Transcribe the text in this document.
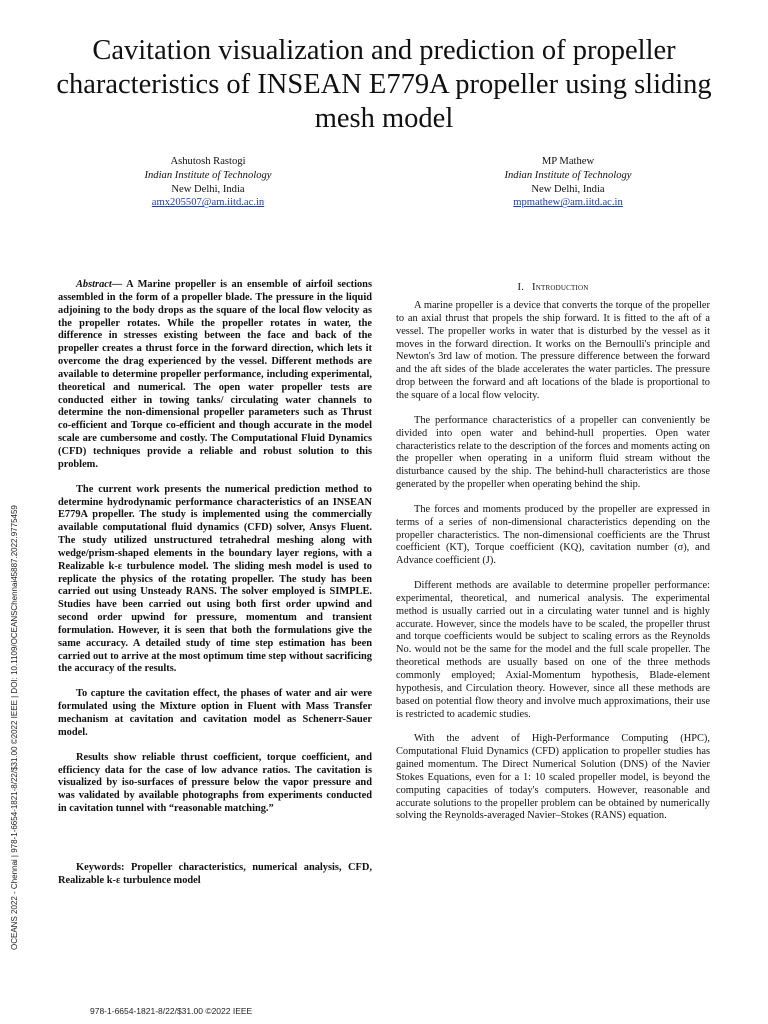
Cavitation visualization and prediction of propeller characteristics of INSEAN E779A propeller using sliding mesh model
Ashutosh Rastogi
Indian Institute of Technology
New Delhi, India
amx205507@am.iitd.ac.in
MP Mathew
Indian Institute of Technology
New Delhi, India
mpmathew@am.iitd.ac.in
OCEANS 2022 - Chennai | 978-1-6654-1821-8/22/$31.00 ©2022 IEEE | DOI: 10.1109/OCEANSChennai45887.2022.9775459

Abstract— A Marine propeller is an ensemble of airfoil sections assembled in the form of a propeller blade. The pressure in the liquid adjoining to the body drops as the square of the local flow velocity as the propeller rotates. While the propeller rotates in water, the difference in stresses existing between the face and back of the propeller creates a thrust force in the forward direction, which lets it overcome the drag experienced by the vessel. Different methods are available to determine propeller performance, including experimental, theoretical and numerical. The open water propeller tests are conducted either in towing tanks/ circulating water channels to determine the non-dimensional propeller parameters such as Thrust co-efficient and Torque co-efficient and though accurate in the model scale are cumbersome and costly. The Computational Fluid Dynamics (CFD) techniques provide a reliable and robust solution to this problem.

The current work presents the numerical prediction method to determine hydrodynamic performance characteristics of an INSEAN E779A propeller. The study is implemented using the commercially available computational fluid dynamics (CFD) solver, Ansys Fluent. The study utilized unstructured tetrahedral meshing along with wedge/prism-shaped elements in the boundary layer regions, with a Realizable k-ε turbulence model. The sliding mesh model is used to replicate the physics of the rotating propeller. The study has been carried out using Unsteady RANS. The solver employed is SIMPLE. Studies have been carried out using both first order upwind and second order upwind for pressure, momentum and transient formulation. However, it is seen that both the formulations give the same accuracy. A detailed study of time step estimation has been carried out to arrive at the most optimum time step without sacrificing the accuracy of the results.

To capture the cavitation effect, the phases of water and air were formulated using the Mixture option in Fluent with Mass Transfer mechanism at cavitation and cavitation model as Schenerr-Sauer model.

Results show reliable thrust coefficient, torque coefficient, and efficiency data for the case of low advance ratios. The cavitation is visualized by iso-surfaces of pressure below the vapor pressure and was validated by available photographs from experiments conducted in cavitation tunnel with “reasonable matching.”

Keywords: Propeller characteristics, numerical analysis, CFD, Realizable k-ε turbulence model

I. Introduction

A marine propeller is a device that converts the torque of the propeller to an axial thrust that propels the ship forward. It is fitted to the aft of a vessel. The propeller works in water that is disturbed by the vessel as it moves in the forward direction. It works on the Bernoulli's principle and Newton's 3rd law of motion. The pressure difference between the forward and the aft sides of the blade accelerates the water particles. The pressure drop between the forward and aft locations of the blade is proportional to the square of a local flow velocity.

The performance characteristics of a propeller can conveniently be divided into open water and behind-hull properties. Open water characteristics relate to the description of the forces and moments acting on the propeller when operating in a uniform fluid stream without the disturbance caused by the ship. The behind-hull characteristics are those generated by the propeller when operating behind the ship.

The forces and moments produced by the propeller are expressed in terms of a series of non-dimensional characteristics depending on the propeller characteristics. The non-dimensional coefficients are the Thrust coefficient (KT), Torque coefficient (KQ), cavitation number (σ), and Advance coefficient (J).

Different methods are available to determine propeller performance: experimental, theoretical, and numerical analysis. The experimental method is usually carried out in a circulating water tunnel and is highly accurate. However, since the models have to be scaled, the propeller thrust and torque coefficients would be subject to scaling errors as the Reynolds No. would not be the same for the model and the full scale propeller. The theoretical methods are usually based on one of the three methods commonly employed; Axial-Momentum hypothesis, Blade-element hypothesis, and Circulation theory. However, since all these methods are based on potential flow theory and involve much approximations, their use is restricted to academic studies.

With the advent of High-Performance Computing (HPC), Computational Fluid Dynamics (CFD) application to propeller studies has gained momentum. The Direct Numerical Solution (DNS) of the Navier Stokes Equations, even for a 1: 10 scaled propeller model, is beyond the computing capacities of today's computers. However, reasonable and accurate solutions to the propeller problem can be obtained by numerically solving the Reynolds-averaged Navier–Stokes (RANS) equation.

978-1-6654-1821-8/22/$31.00 ©2022 IEEE
